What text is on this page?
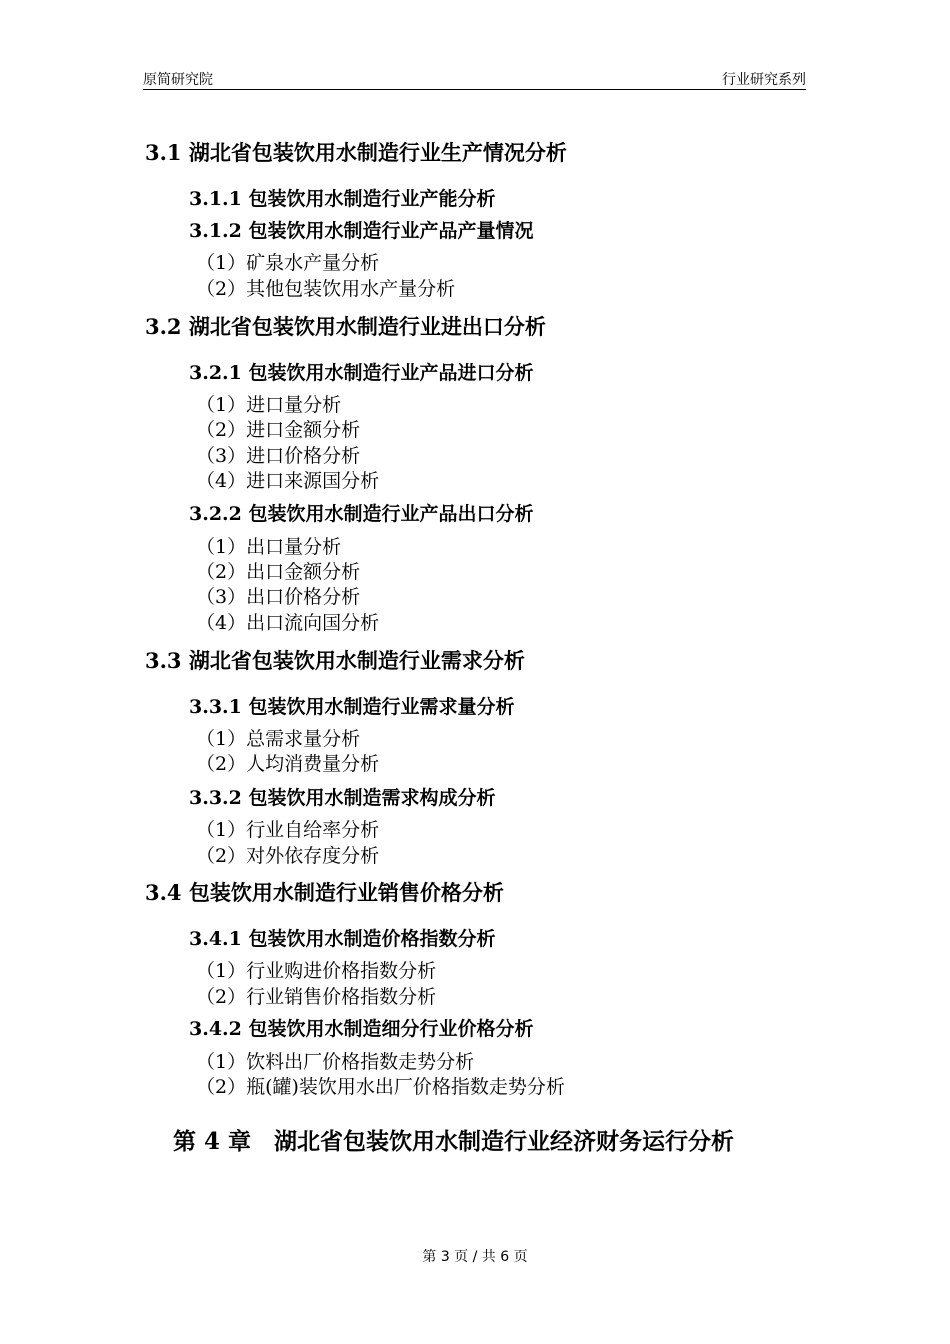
原简研究院	行业研究系列
3.1 湖北省包装饮用水制造行业生产情况分析
3.1.1 包装饮用水制造行业产能分析
3.1.2 包装饮用水制造行业产品产量情况
（1）矿泉水产量分析
（2）其他包装饮用水产量分析
3.2 湖北省包装饮用水制造行业进出口分析
3.2.1 包装饮用水制造行业产品进口分析
（1）进口量分析
（2）进口金额分析
（3）进口价格分析
（4）进口来源国分析
3.2.2 包装饮用水制造行业产品出口分析
（1）出口量分析
（2）出口金额分析
（3）出口价格分析
（4）出口流向国分析
3.3 湖北省包装饮用水制造行业需求分析
3.3.1 包装饮用水制造行业需求量分析
（1）总需求量分析
（2）人均消费量分析
3.3.2 包装饮用水制造需求构成分析
（1）行业自给率分析
（2）对外依存度分析
3.4 包装饮用水制造行业销售价格分析
3.4.1 包装饮用水制造价格指数分析
（1）行业购进价格指数分析
（2）行业销售价格指数分析
3.4.2 包装饮用水制造细分行业价格分析
（1）饮料出厂价格指数走势分析
（2）瓶(罐)装饮用水出厂价格指数走势分析
第 4 章　湖北省包装饮用水制造行业经济财务运行分析
第 3 页 / 共 6 页
